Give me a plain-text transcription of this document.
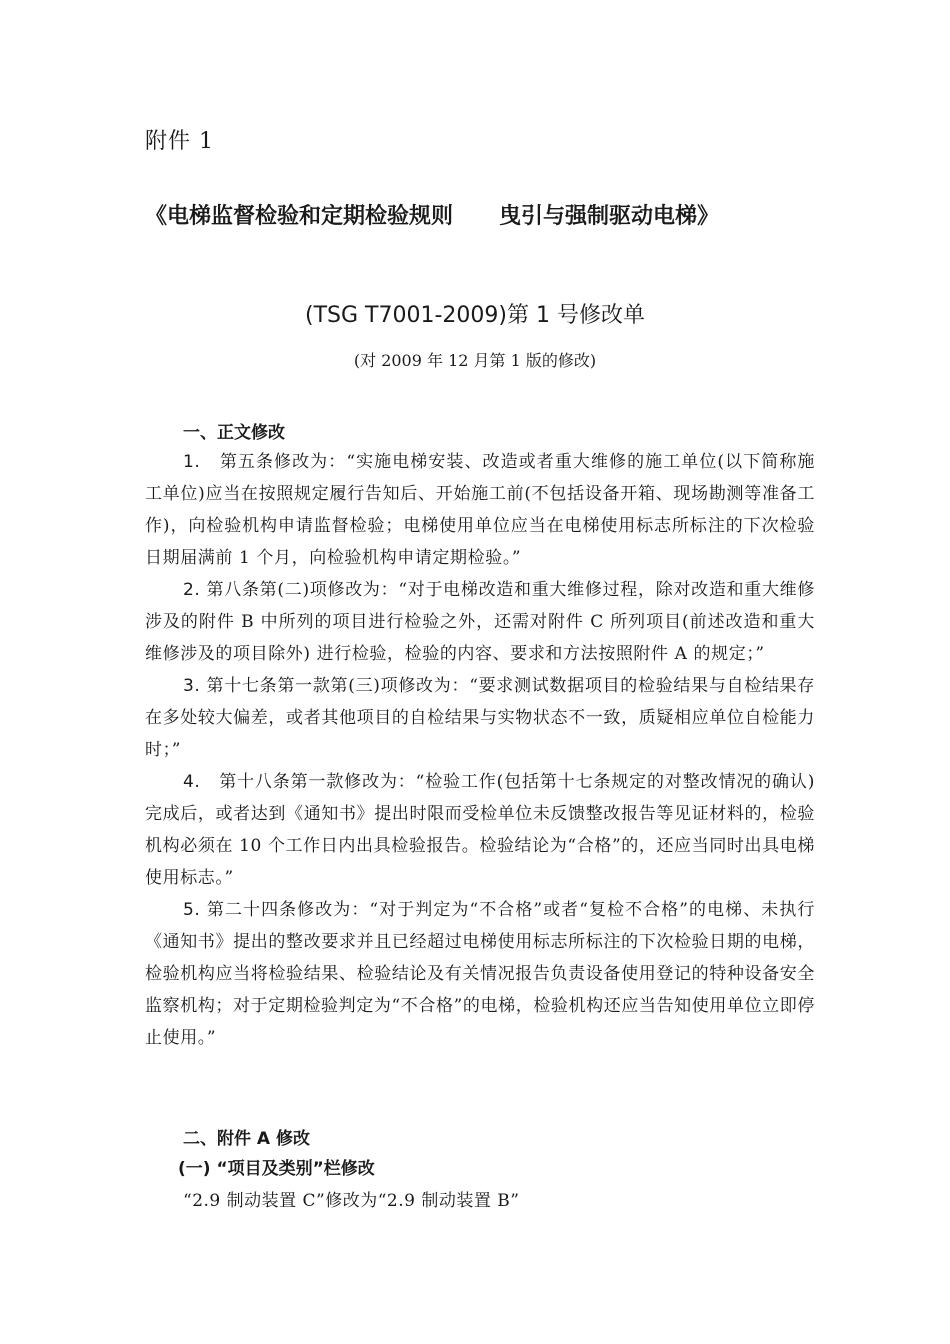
附件 1
《电梯监督检验和定期检验规则 曳引与强制驱动电梯》
(TSG T7001-2009)第 1 号修改单
(对 2009 年 12 月第 1 版的修改)
一、正文修改

1. 第五条修改为：“实施电梯安装、改造或者重大维修的施工单位(以下简称施工单位)应当在按照规定履行告知后、开始施工前(不包括设备开箱、现场勘测等准备工作)，向检验机构申请监督检验；电梯使用单位应当在电梯使用标志所标注的下次检验日期届满前 1 个月，向检验机构申请定期检验。”

2. 第八条第(二)项修改为：“对于电梯改造和重大维修过程，除对改造和重大维修涉及的附件 B 中所列的项目进行检验之外，还需对附件 C 所列项目(前述改造和重大维修涉及的项目除外) 进行检验，检验的内容、要求和方法按照附件 A 的规定；”

3. 第十七条第一款第(三)项修改为：“要求测试数据项目的检验结果与自检结果存在多处较大偏差，或者其他项目的自检结果与实物状态不一致，质疑相应单位自检能力时；”

4. 第十八条第一款修改为：“检验工作(包括第十七条规定的对整改情况的确认)完成后，或者达到《通知书》提出时限而受检单位未反馈整改报告等见证材料的，检验机构必须在 10 个工作日内出具检验报告。检验结论为“合格”的，还应当同时出具电梯使用标志。”

5. 第二十四条修改为：“对于判定为“不合格”或者“复检不合格”的电梯、未执行《通知书》提出的整改要求并且已经超过电梯使用标志所标注的下次检验日期的电梯，检验机构应当将检验结果、检验结论及有关情况报告负责设备使用登记的特种设备安全监察机构；对于定期检验判定为“不合格”的电梯，检验机构还应当告知使用单位立即停止使用。”

二、附件 A 修改
(一) “项目及类别”栏修改
“2.9 制动装置 C”修改为“2.9 制动装置 B”
